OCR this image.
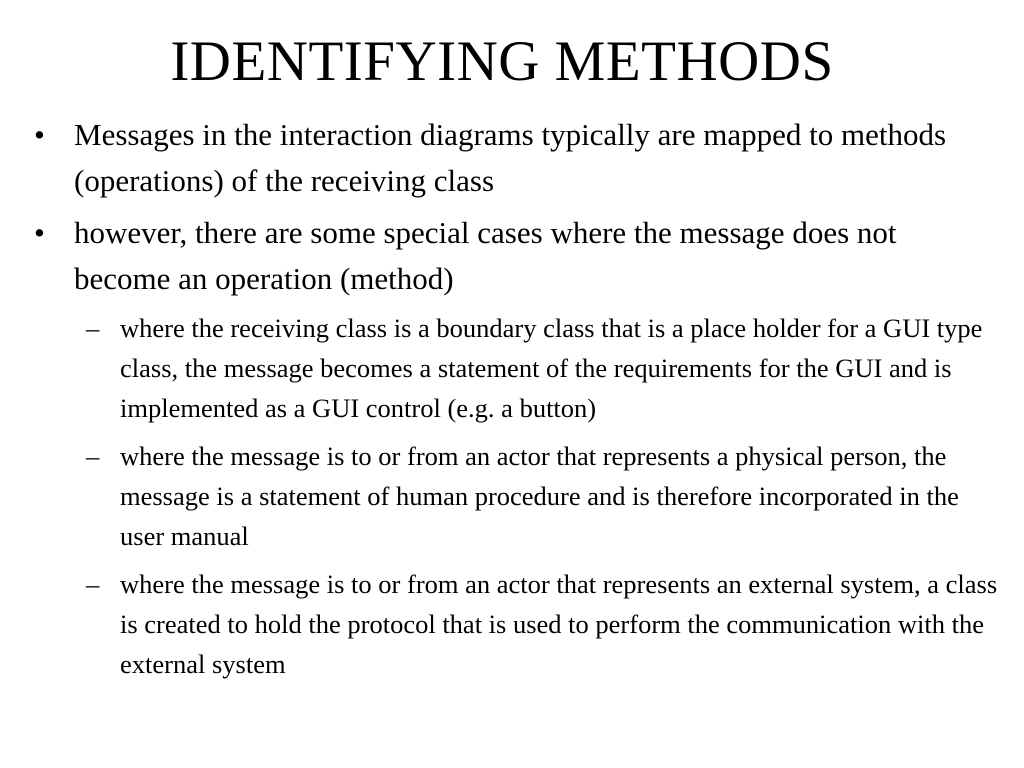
IDENTIFYING METHODS
• Messages in the interaction diagrams typically are mapped to methods (operations) of the receiving class
• however, there are some special cases where the message does not become an operation (method)
– where the receiving class is a boundary class that is a place holder for a GUI type class, the message becomes a statement of the requirements for the GUI and is implemented as a GUI control (e.g. a button)
– where the message is to or from an actor that represents a physical person, the message is a statement of human procedure and is therefore incorporated in the user manual
– where the message is to or from an actor that represents an external system, a class is created to hold the protocol that is used to perform the communication with the external system
